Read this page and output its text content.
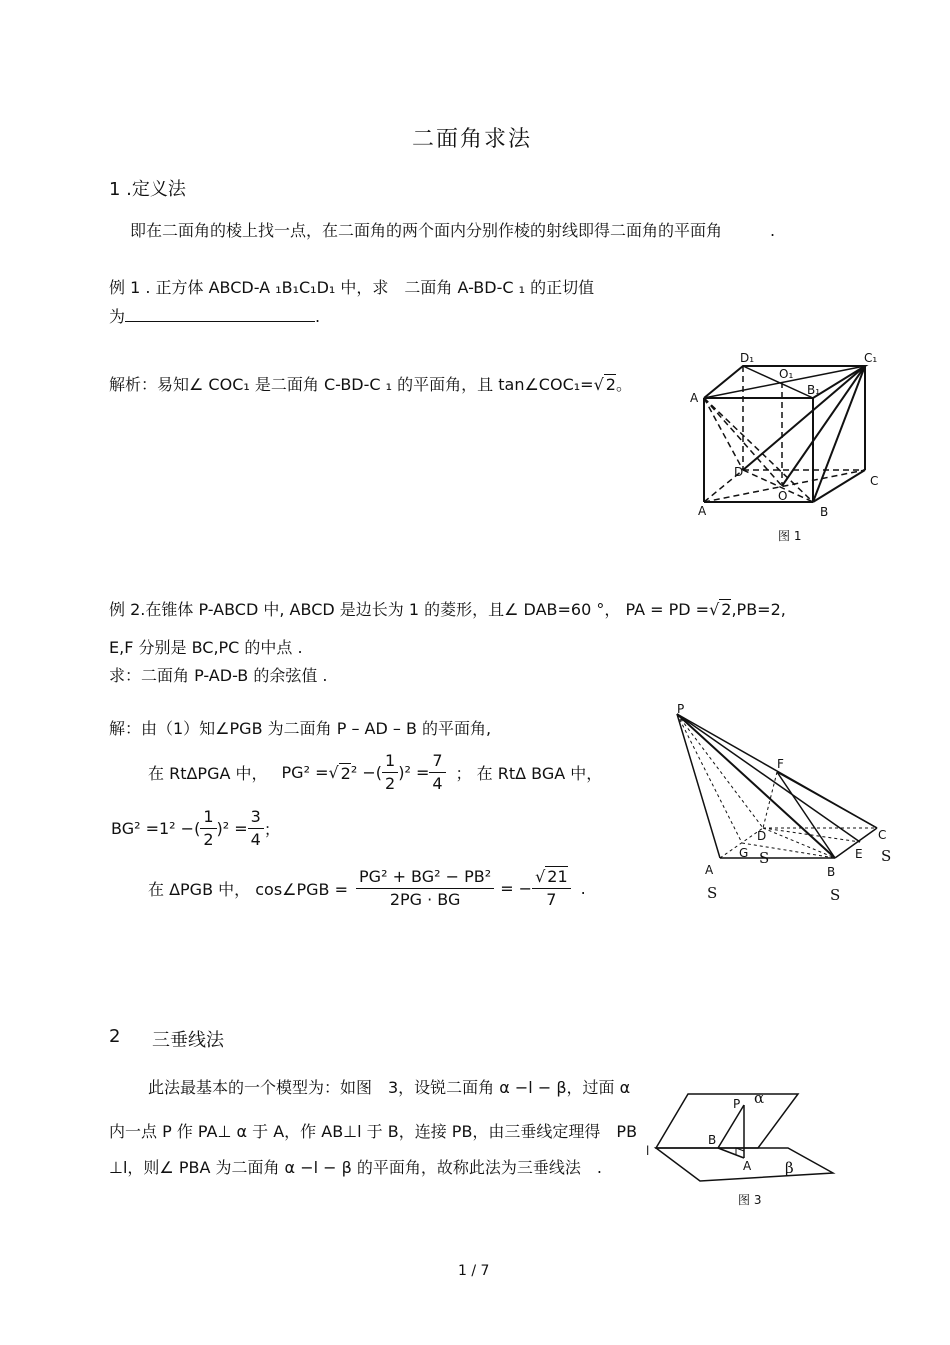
二面角求法
1 .定义法
即在二面角的棱上找一点，在二面角的两个面内分别作棱的射线即得二面角的平面角　　　.
例 1 . 正方体 ABCD-A ₁B₁C₁D₁ 中，求　二面角 A-BD-C ₁ 的正切值
为	.
解析：易知∠ COC₁ 是二面角 C-BD-C ₁ 的平面角，且 tan∠COC₁=√ 2。
D₁	C₁
O₁
B₁
A
D
C
O
A	B
图 1
例 2.在锥体 P-ABCD 中, ABCD 是边长为 1 的菱形，且∠ DAB=60 °， PA = PD =√ 2,PB=2,
E,F 分别是 BC,PC 的中点 .
求：二面角 P-AD-B 的余弦值 .
解：由（1）知∠PGB 为二面角 P – AD – B 的平面角,
在 RtΔPGA 中， PG² = √ 2 ² −( $\frac{1}{2} )^2 = \frac{7}{4}$ ； 在 RtΔ BGA 中，
BG² =1² −( $\frac{1}{2} )^2 = \frac{3}{4}$ ；
在 ΔPGB 中， cos∠PGB = $\frac{\text{PG² + BG² − PB²}}{2PG \cdot BG}$ = − $\frac{√ 21}{7}$ .
P
F
C
D
E
G
A	B
S	S
S	S
2 三垂线法
此法最基本的一个模型为：如图　3，设锐二面角 α −l − β，过面 α
内一点 P 作 PA⊥ α 于 A，作 AB⊥l 于 B，连接 PB，由三垂线定理得　PB
⊥l，则∠ PBA 为二面角 α −l − β 的平面角，故称此法为三垂线法　.
P α
B
l
A β
图 3
1 / 7
